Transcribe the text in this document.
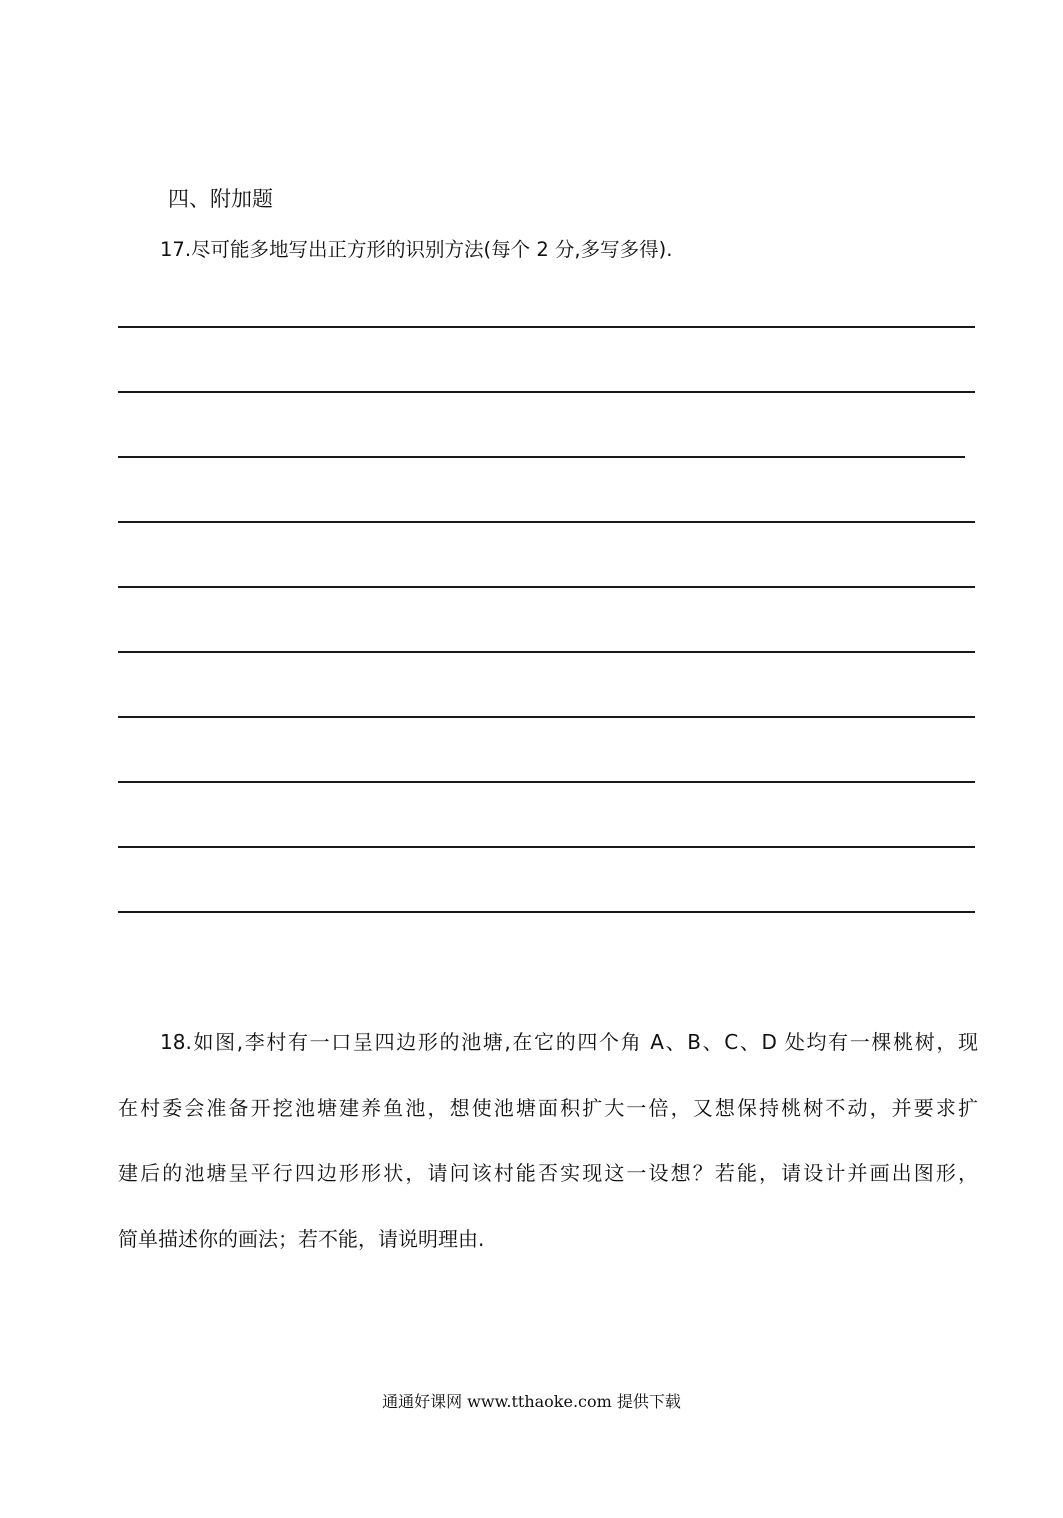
四、附加题
17.尽可能多地写出正方形的识别方法(每个 2 分,多写多得).
18.如图,李村有一口呈四边形的池塘,在它的四个角 A、B、C、D 处均有一棵桃树，现
在村委会准备开挖池塘建养鱼池，想使池塘面积扩大一倍，又想保持桃树不动，并要求扩
建后的池塘呈平行四边形形状，请问该村能否实现这一设想？若能，请设计并画出图形，
简单描述你的画法；若不能，请说明理由.
通通好课网 www.tthaoke.com 提供下载
